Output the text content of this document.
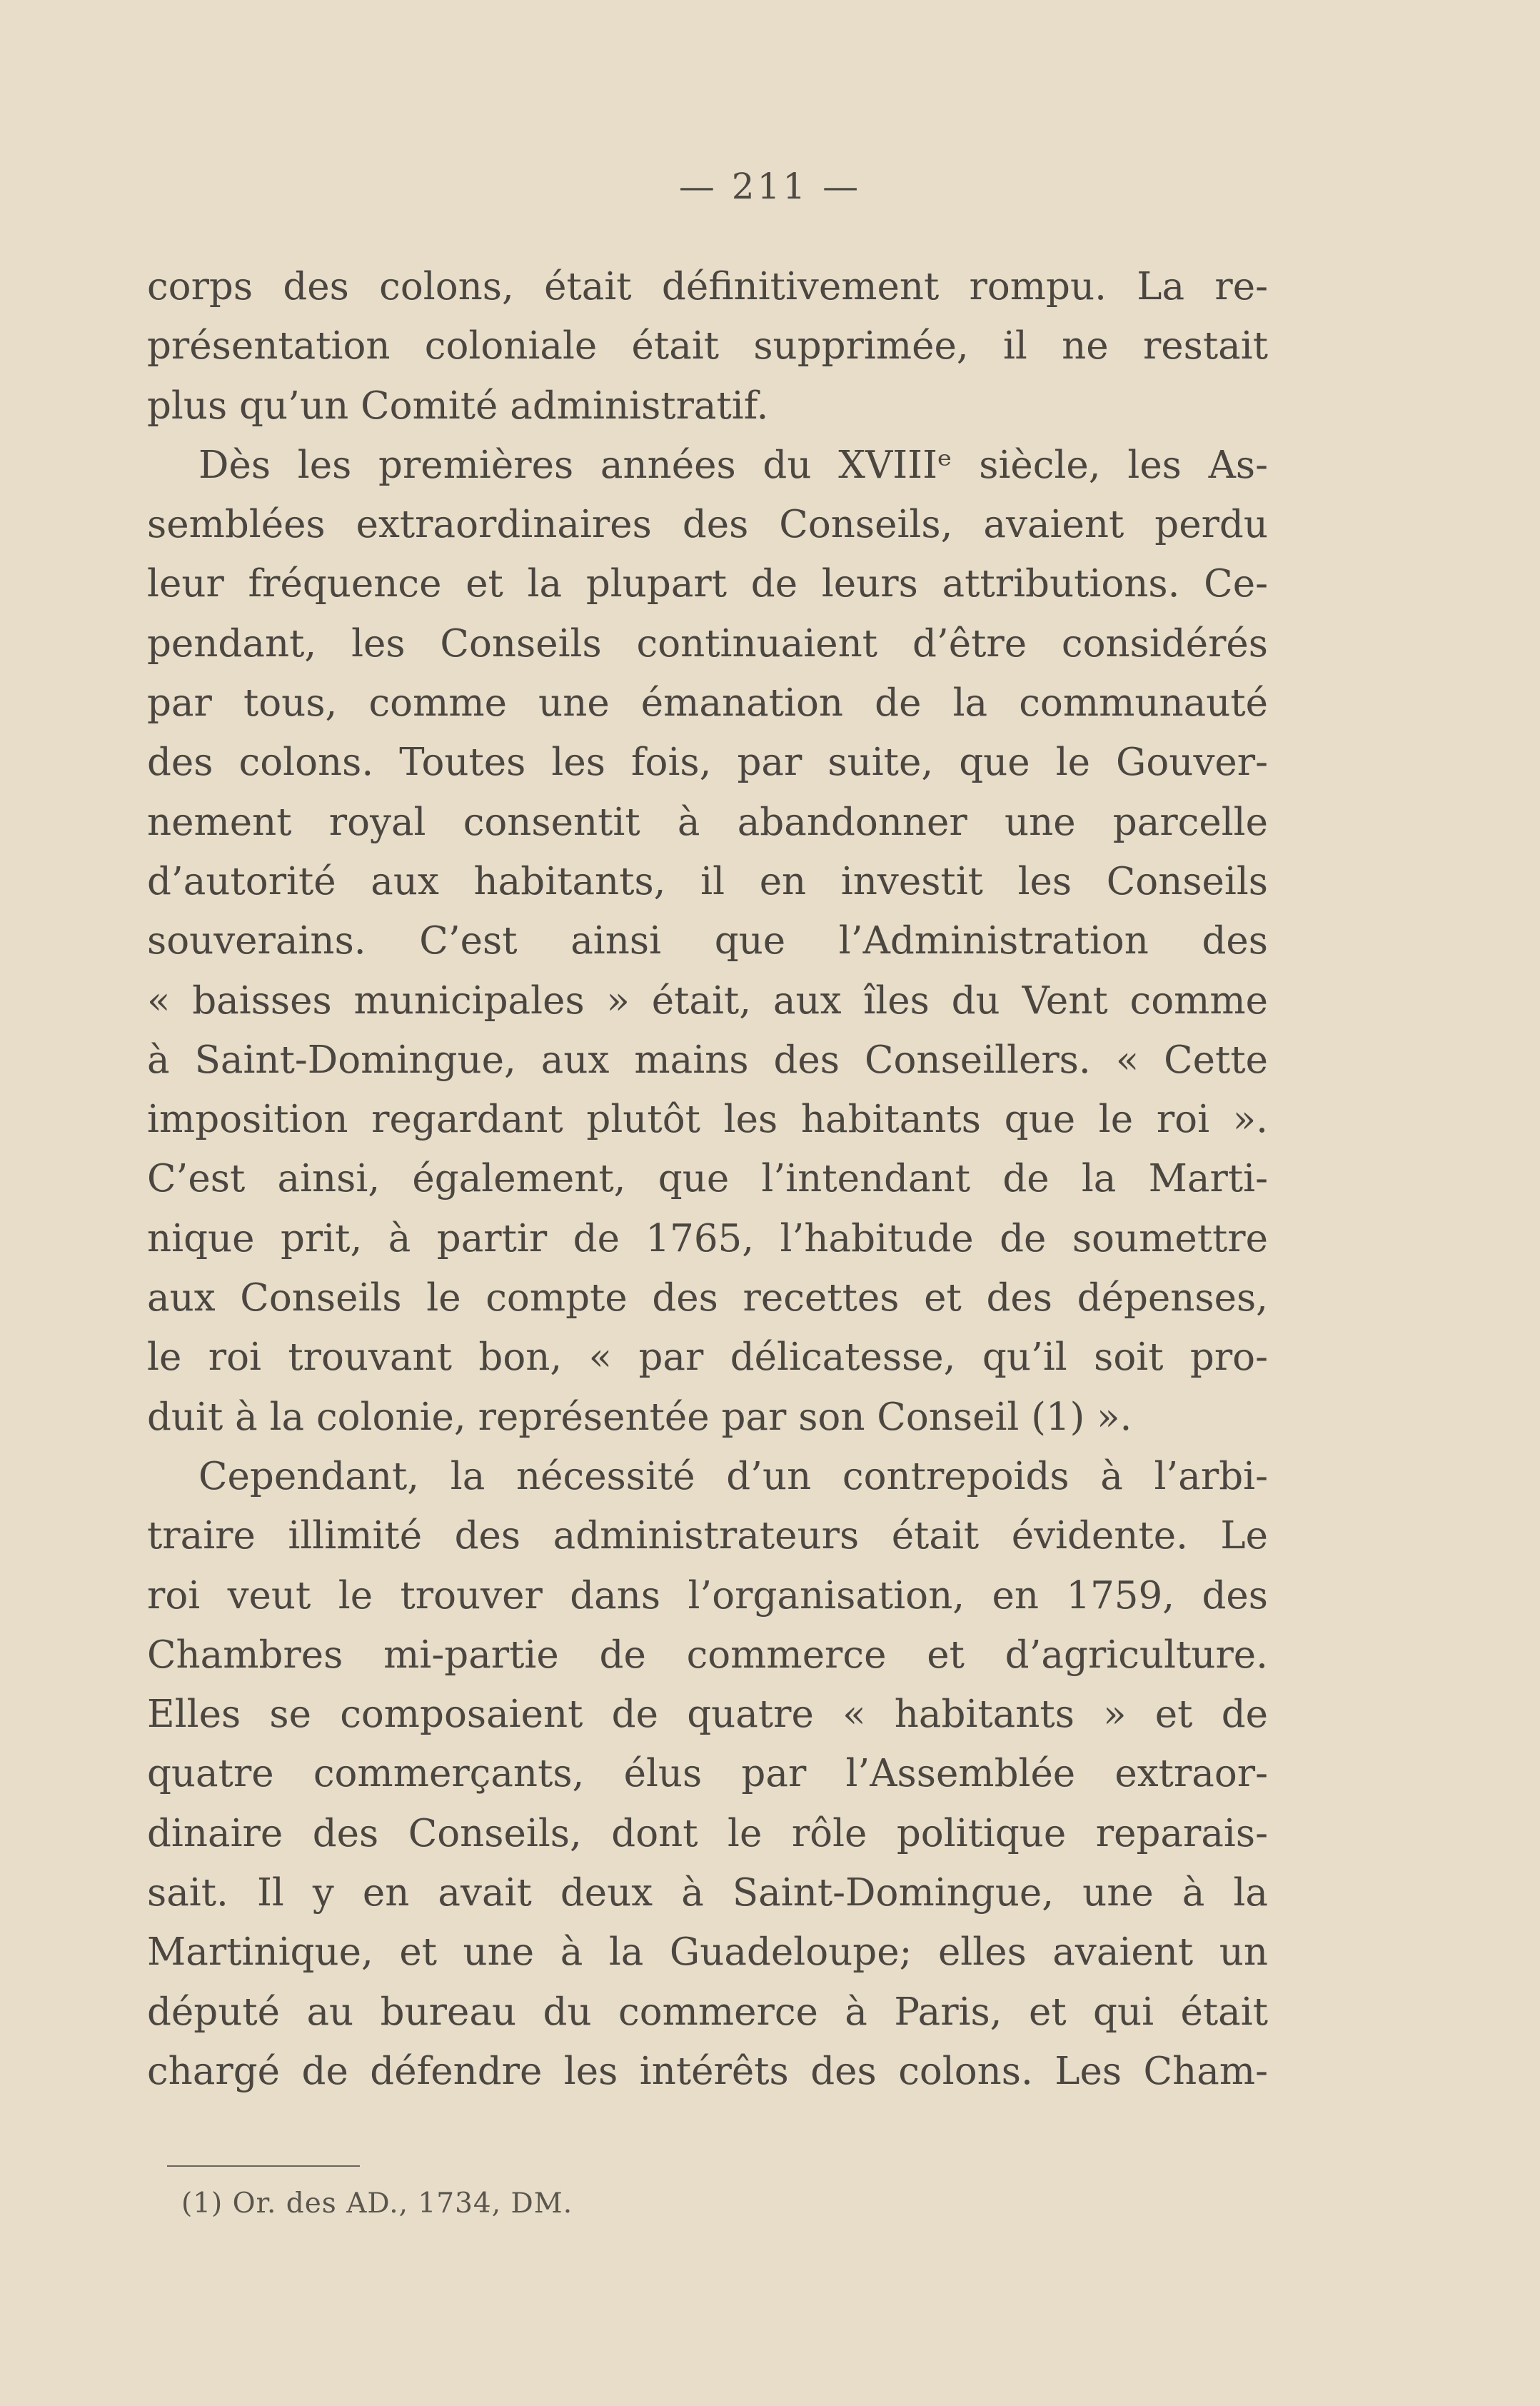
— 211 —
corps des colons, était définitivement rompu. La re-
présentation coloniale était supprimée, il ne restait
plus qu’un Comité administratif.
Dès les premières années du XVIIIᵉ siècle, les As-
semblées extraordinaires des Conseils, avaient perdu
leur fréquence et la plupart de leurs attributions. Ce-
pendant, les Conseils continuaient d’être considérés
par tous, comme une émanation de la communauté
des colons. Toutes les fois, par suite, que le Gouver-
nement royal consentit à abandonner une parcelle
d’autorité aux habitants, il en investit les Conseils
souverains. C’est ainsi que l’Administration des
« baisses municipales » était, aux îles du Vent comme
à Saint-Domingue, aux mains des Conseillers. « Cette
imposition regardant plutôt les habitants que le roi ».
C’est ainsi, également, que l’intendant de la Marti-
nique prit, à partir de 1765, l’habitude de soumettre
aux Conseils le compte des recettes et des dépenses,
le roi trouvant bon, « par délicatesse, qu’il soit pro-
duit à la colonie, représentée par son Conseil (1) ».
Cependant, la nécessité d’un contrepoids à l’arbi-
traire illimité des administrateurs était évidente. Le
roi veut le trouver dans l’organisation, en 1759, des
Chambres mi-partie de commerce et d’agriculture.
Elles se composaient de quatre « habitants » et de
quatre commerçants, élus par l’Assemblée extraor-
dinaire des Conseils, dont le rôle politique reparais-
sait. Il y en avait deux à Saint-Domingue, une à la
Martinique, et une à la Guadeloupe; elles avaient un
député au bureau du commerce à Paris, et qui était
chargé de défendre les intérêts des colons. Les Cham-
(1) Or. des AD., 1734, DM.
